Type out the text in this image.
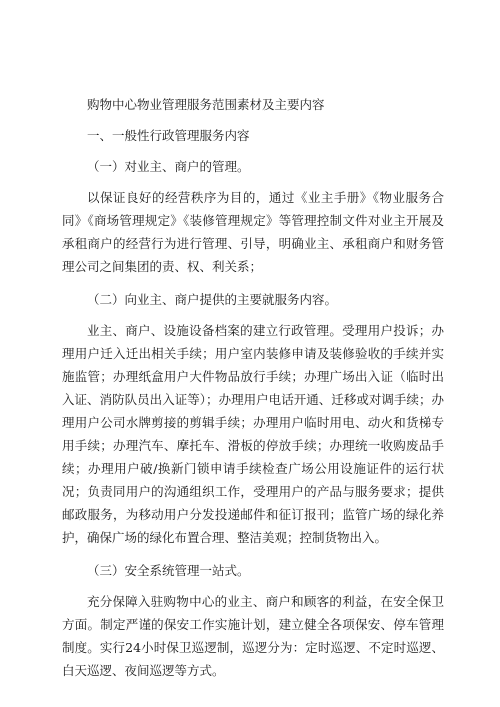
购物中心物业管理服务范围素材及主要内容

一、一般性行政管理服务内容

（一）对业主、商户的管理。

以保证良好的经营秩序为目的，通过《业主手册》《物业服务合同》《商场管理规定》《装修管理规定》等管理控制文件对业主开展及承租商户的经营行为进行管理、引导，明确业主、承租商户和财务管理公司之间集团的责、权、利关系；

（二）向业主、商户提供的主要就服务内容。

业主、商户、设施设备档案的建立行政管理。受理用户投诉；办理用户迁入迁出相关手续；用户室内装修申请及装修验收的手续并实施监管；办理纸盒用户大件物品放行手续；办理广场出入证（临时出入证、消防队员出入证等）；办理用户电话开通、迁移或对调手续；办理用户公司水牌剪接的剪辑手续；办理用户临时用电、动火和货梯专用手续；办理汽车、摩托车、滑板的停放手续；办理统一收购废品手续；办理用户破/换新门锁申请手续检查广场公用设施证件的运行状况；负责同用户的沟通组织工作，受理用户的产品与服务要求；提供邮政服务，为移动用户分发投递邮件和征订报刊；监管广场的绿化养护，确保广场的绿化布置合理、整洁美观；控制货物出入。

（三）安全系统管理一站式。

充分保障入驻购物中心的业主、商户和顾客的利益，在安全保卫方面。制定严谨的保安工作实施计划，建立健全各项保安、停车管理制度。实行24小时保卫巡逻制，巡逻分为：定时巡逻、不定时巡逻、白天巡逻、夜间巡逻等方式。
